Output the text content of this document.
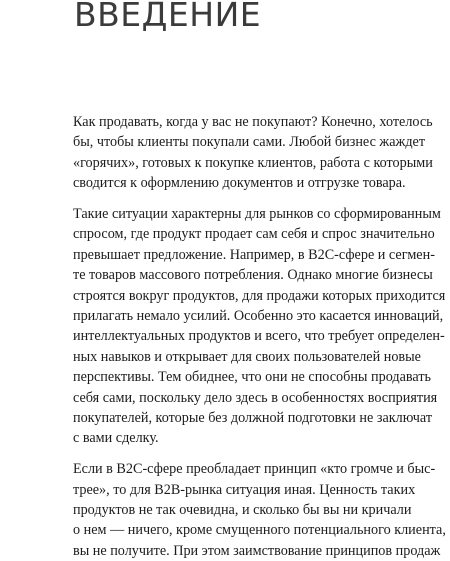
ВВЕДЕНИЕ

Как продавать, когда у вас не покупают? Конечно, хотелось
бы, чтобы клиенты покупали сами. Любой бизнес жаждет
«горячих», готовых к покупке клиентов, работа с которыми
сводится к оформлению документов и отгрузке товара.

Такие ситуации характерны для рынков со сформированным
спросом, где продукт продает сам себя и спрос значительно
превышает предложение. Например, в B2C-сфере и сегмен-
те товаров массового потребления. Однако многие бизнесы
строятся вокруг продуктов, для продажи которых приходится
прилагать немало усилий. Особенно это касается инноваций,
интеллектуальных продуктов и всего, что требует определен-
ных навыков и открывает для своих пользователей новые
перспективы. Тем обиднее, что они не способны продавать
себя сами, поскольку дело здесь в особенностях восприятия
покупателей, которые без должной подготовки не заключат
с вами сделку.

Если в B2C-сфере преобладает принцип «кто громче и быс-
трее», то для B2B-рынка ситуация иная. Ценность таких
продуктов не так очевидна, и сколько бы вы ни кричали
о нем — ничего, кроме смущенного потенциального клиента,
вы не получите. При этом заимствование принципов продаж
